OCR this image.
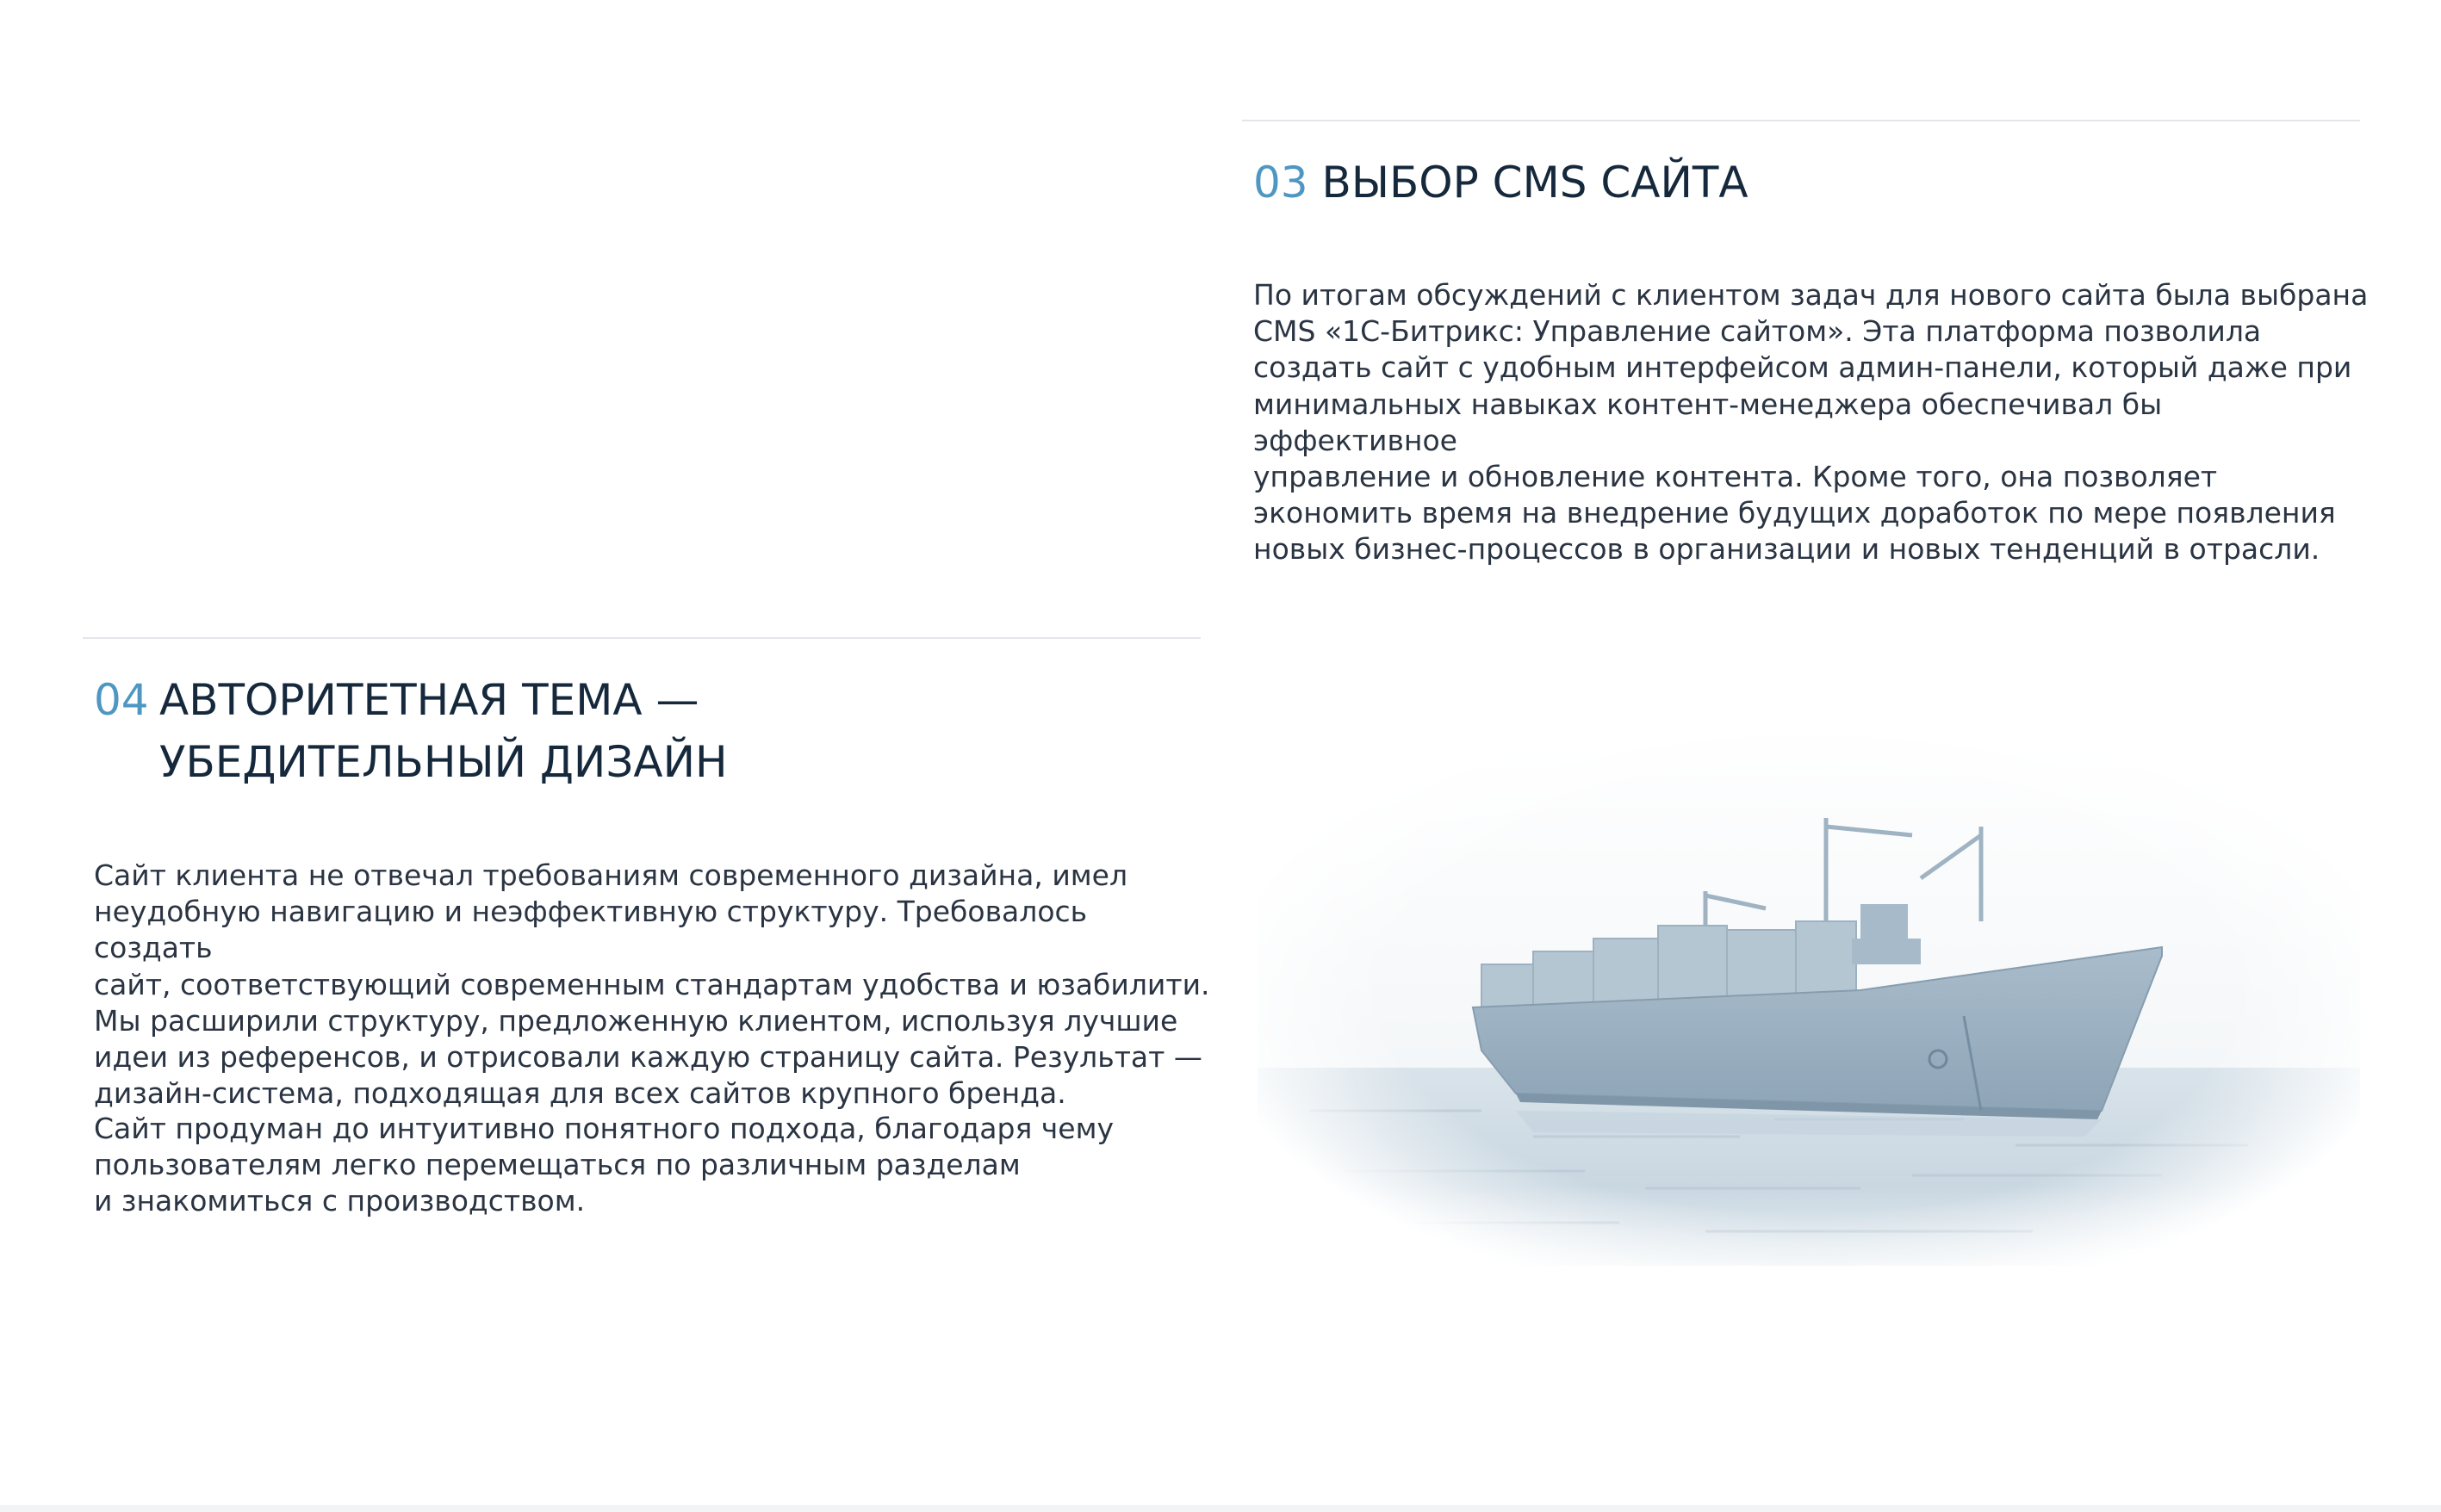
03 ВЫБОР CMS САЙТА

По итогам обсуждений с клиентом задач для нового сайта была выбрана
CMS «1С-Битрикс: Управление сайтом». Эта платформа позволила
создать сайт с удобным интерфейсом админ-панели, который даже при
минимальных навыках контент-менеджера обеспечивал бы эффективное
управление и обновление контента. Кроме того, она позволяет
экономить время на внедрение будущих доработок по мере появления
новых бизнес-процессов в организации и новых тенденций в отрасли.

04 АВТОРИТЕТНАЯ ТЕМА —
УБЕДИТЕЛЬНЫЙ ДИЗАЙН

Сайт клиента не отвечал требованиям современного дизайна, имел
неудобную навигацию и неэффективную структуру. Требовалось создать
сайт, соответствующий современным стандартам удобства и юзабилити.
Мы расширили структуру, предложенную клиентом, используя лучшие
идеи из референсов, и отрисовали каждую страницу сайта. Результат —
дизайн-система, подходящая для всех сайтов крупного бренда.

Сайт продуман до интуитивно понятного подхода, благодаря чему
пользователям легко перемещаться по различным разделам
и знакомиться с производством.
